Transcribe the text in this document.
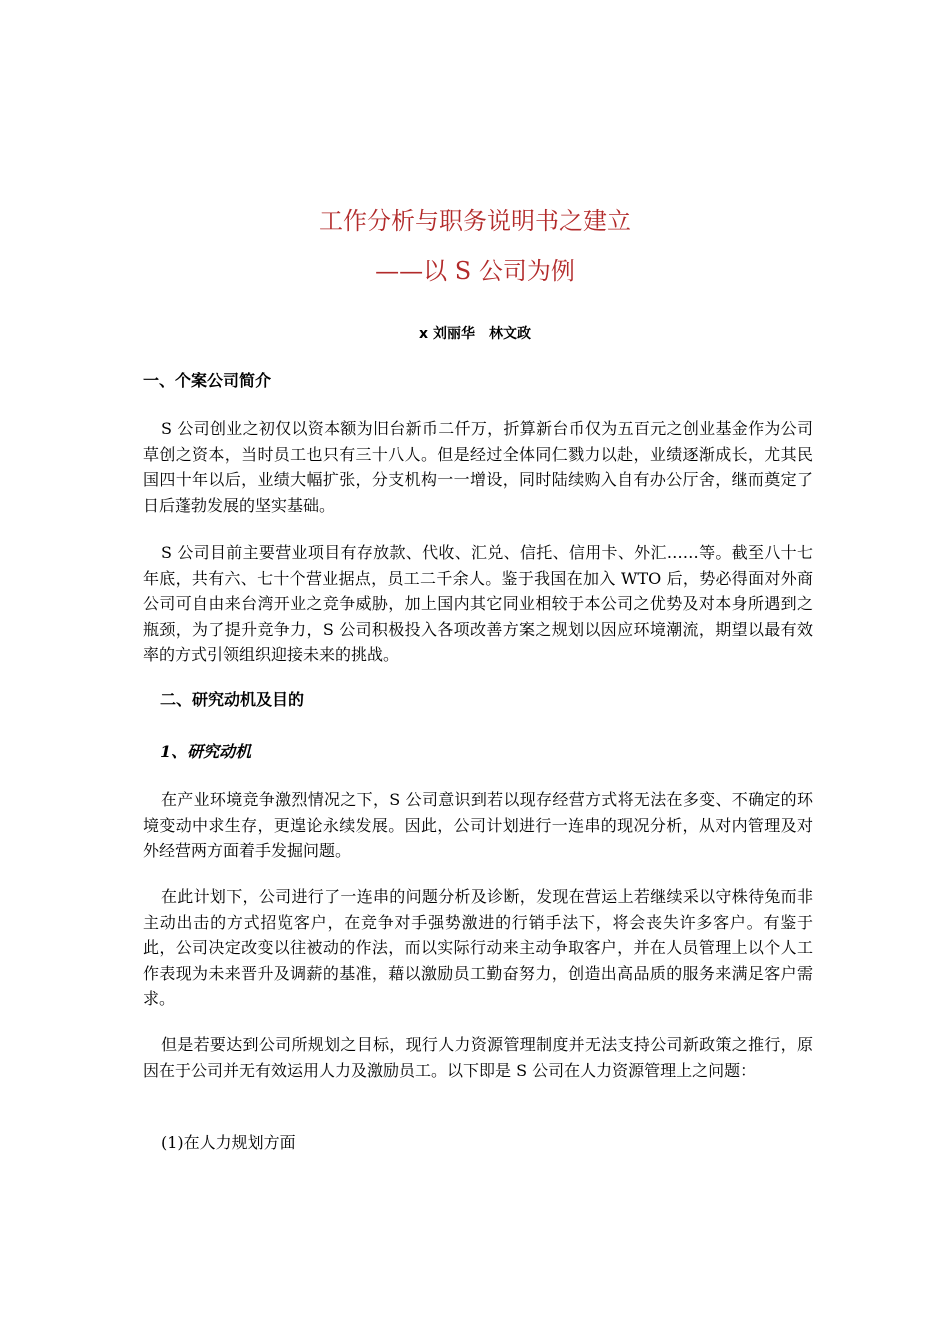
工作分析与职务说明书之建立
——以 S 公司为例
x 刘丽华　林文政
一、个案公司简介

S 公司创业之初仅以资本额为旧台新币二仟万，折算新台币仅为五百元之创业基金作为公司草创之资本，当时员工也只有三十八人。但是经过全体同仁戮力以赴，业绩逐渐成长，尤其民国四十年以后，业绩大幅扩张，分支机构一一增设，同时陆续购入自有办公厅舍，继而奠定了日后蓬勃发展的坚实基础。

S 公司目前主要营业项目有存放款、代收、汇兑、信托、信用卡、外汇……等。截至八十七年底，共有六、七十个营业据点，员工二千余人。鉴于我国在加入 WTO 后，势必得面对外商公司可自由来台湾开业之竞争威胁，加上国内其它同业相较于本公司之优势及对本身所遇到之瓶颈，为了提升竞争力，S 公司积极投入各项改善方案之规划以因应环境潮流，期望以最有效率的方式引领组织迎接未来的挑战。

二、研究动机及目的
1、研究动机

在产业环境竞争激烈情况之下，S 公司意识到若以现存经营方式将无法在多变、不确定的环境变动中求生存，更遑论永续发展。因此，公司计划进行一连串的现况分析，从对内管理及对外经营两方面着手发掘问题。

在此计划下，公司进行了一连串的问题分析及诊断，发现在营运上若继续采以守株待兔而非主动出击的方式招览客户，在竞争对手强势激进的行销手法下，将会丧失许多客户。有鉴于此，公司决定改变以往被动的作法，而以实际行动来主动争取客户，并在人员管理上以个人工作表现为未来晋升及调薪的基准，藉以激励员工勤奋努力，创造出高品质的服务来满足客户需求。

但是若要达到公司所规划之目标，现行人力资源管理制度并无法支持公司新政策之推行，原因在于公司并无有效运用人力及激励员工。以下即是 S 公司在人力资源管理上之问题：

(1)在人力规划方面
